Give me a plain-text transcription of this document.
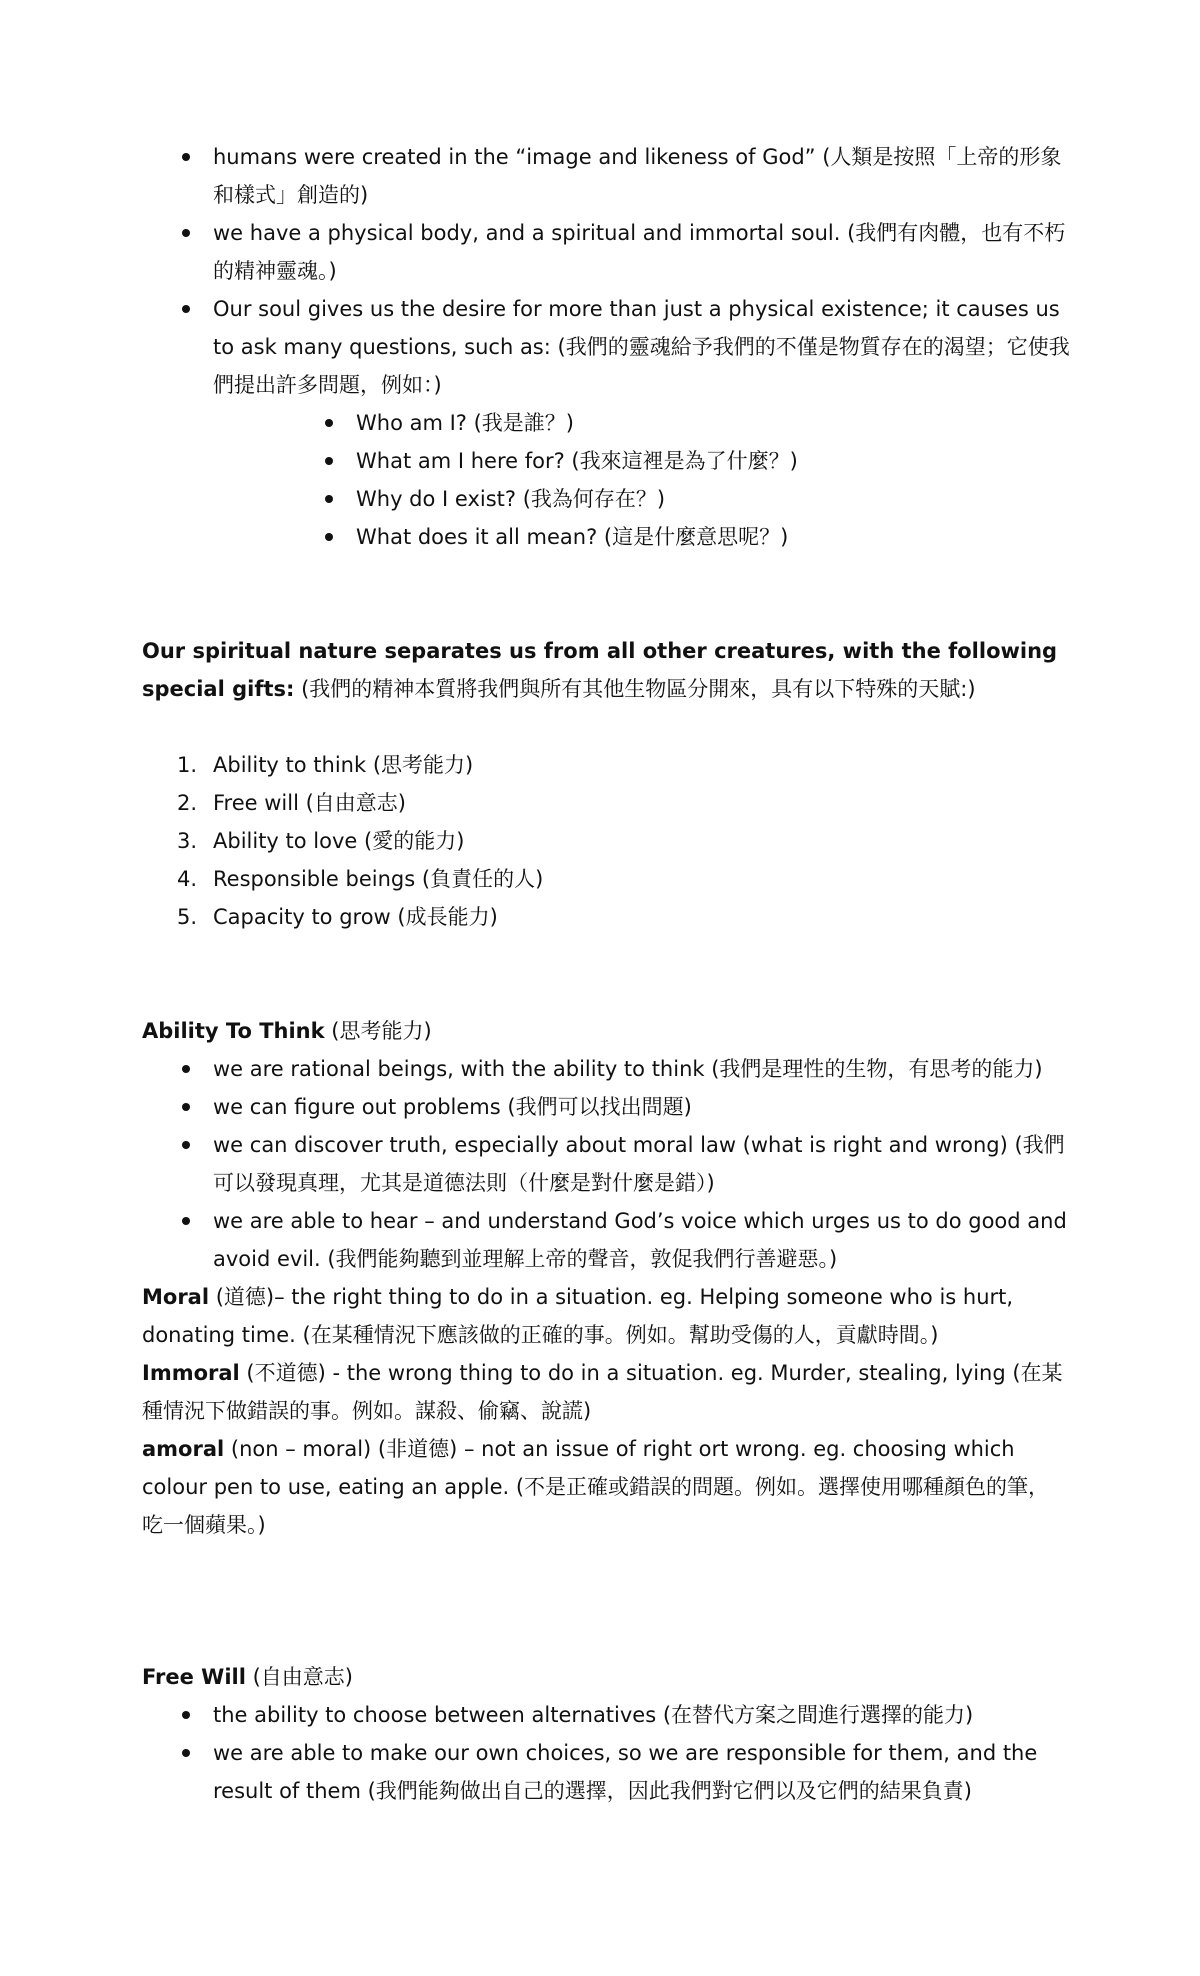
humans were created in the “image and likeness of God” (人類是按照「上帝的形象和樣式」創造的)
we have a physical body, and a spiritual and immortal soul. (我們有肉體，也有不朽的精神靈魂。)
Our soul gives us the desire for more than just a physical existence; it causes us to ask many questions, such as: (我們的靈魂給予我們的不僅是物質存在的渴望；它使我們提出許多問題，例如：)
Who am I? (我是誰？)
What am I here for? (我來這裡是為了什麼？)
Why do I exist? (我為何存在？)
What does it all mean? (這是什麼意思呢？)

Our spiritual nature separates us from all other creatures, with the following special gifts: (我們的精神本質將我們與所有其他生物區分開來，具有以下特殊的天賦:)

1. Ability to think (思考能力)
2. Free will (自由意志)
3. Ability to love (愛的能力)
4. Responsible beings (負責任的人)
5. Capacity to grow (成長能力)

Ability To Think (思考能力)

we are rational beings, with the ability to think (我們是理性的生物，有思考的能力)
we can figure out problems (我們可以找出問題)
we can discover truth, especially about moral law (what is right and wrong) (我們可以發現真理，尤其是道德法則（什麼是對什麼是錯）)
we are able to hear – and understand God’s voice which urges us to do good and avoid evil. (我們能夠聽到並理解上帝的聲音，敦促我們行善避惡。)

Moral (道德)– the right thing to do in a situation. eg. Helping someone who is hurt, donating time. (在某種情況下應該做的正確的事。例如。幫助受傷的人，貢獻時間。)

Immoral (不道德) - the wrong thing to do in a situation. eg. Murder, stealing, lying (在某種情況下做錯誤的事。例如。謀殺、偷竊、說謊)

amoral (non – moral) (非道德) – not an issue of right ort wrong. eg. choosing which colour pen to use, eating an apple. (不是正確或錯誤的問題。例如。選擇使用哪種顏色的筆，吃一個蘋果。)

Free Will (自由意志)

the ability to choose between alternatives (在替代方案之間進行選擇的能力)
we are able to make our own choices, so we are responsible for them, and the result of them (我們能夠做出自己的選擇，因此我們對它們以及它們的結果負責)
